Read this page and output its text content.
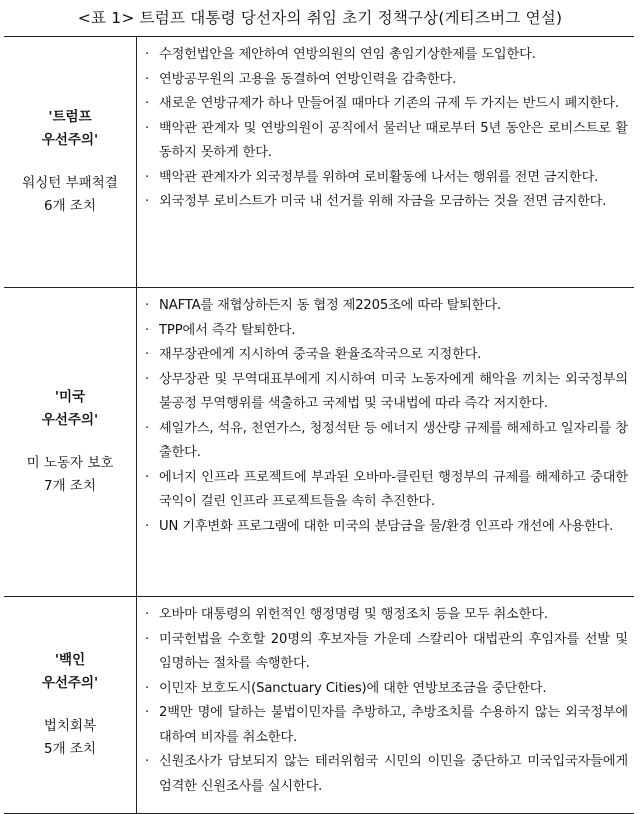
<표 1> 트럼프 대통령 당선자의 취임 초기 정책구상(게티즈버그 연설)
'트럼프
우선주의'
워싱턴 부패척결
6개 조치
· 수정헌법안을 제안하여 연방의원의 연임 총임기상한제를 도입한다.
· 연방공무원의 고용을 동결하여 연방인력을 감축한다.
· 새로운 연방규제가 하나 만들어질 때마다 기존의 규제 두 가지는 반드시 폐지한다.
· 백악관 관계자 및 연방의원이 공직에서 물러난 때로부터 5년 동안은 로비스트로 활동하지 못하게 한다.
· 백악관 관계자가 외국정부를 위하여 로비활동에 나서는 행위를 전면 금지한다.
· 외국정부 로비스트가 미국 내 선거를 위해 자금을 모금하는 것을 전면 금지한다.
'미국
우선주의'
미 노동자 보호
7개 조치
· NAFTA를 재협상하든지 동 협정 제2205조에 따라 탈퇴한다.
· TPP에서 즉각 탈퇴한다.
· 재무장관에게 지시하여 중국을 환율조작국으로 지정한다.
· 상무장관 및 무역대표부에게 지시하여 미국 노동자에게 해악을 끼치는 외국정부의 불공정 무역행위를 색출하고 국제법 및 국내법에 따라 즉각 저지한다.
· 셰일가스, 석유, 천연가스, 청정석탄 등 에너지 생산량 규제를 해제하고 일자리를 창출한다.
· 에너지 인프라 프로젝트에 부과된 오바마-클린턴 행정부의 규제를 해제하고 중대한 국익이 걸린 인프라 프로젝트들을 속히 추진한다.
· UN 기후변화 프로그램에 대한 미국의 분담금을 물/환경 인프라 개선에 사용한다.
'백인
우선주의'
법치회복
5개 조치
· 오바마 대통령의 위헌적인 행정명령 및 행정조치 등을 모두 취소한다.
· 미국헌법을 수호할 20명의 후보자들 가운데 스칼리아 대법관의 후임자를 선발 및 임명하는 절차를 속행한다.
· 이민자 보호도시(Sanctuary Cities)에 대한 연방보조금을 중단한다.
· 2백만 명에 달하는 불법이민자를 추방하고, 추방조치를 수용하지 않는 외국정부에 대하여 비자를 취소한다.
· 신원조사가 담보되지 않는 테러위험국 시민의 이민을 중단하고 미국입국자들에게 엄격한 신원조사를 실시한다.
